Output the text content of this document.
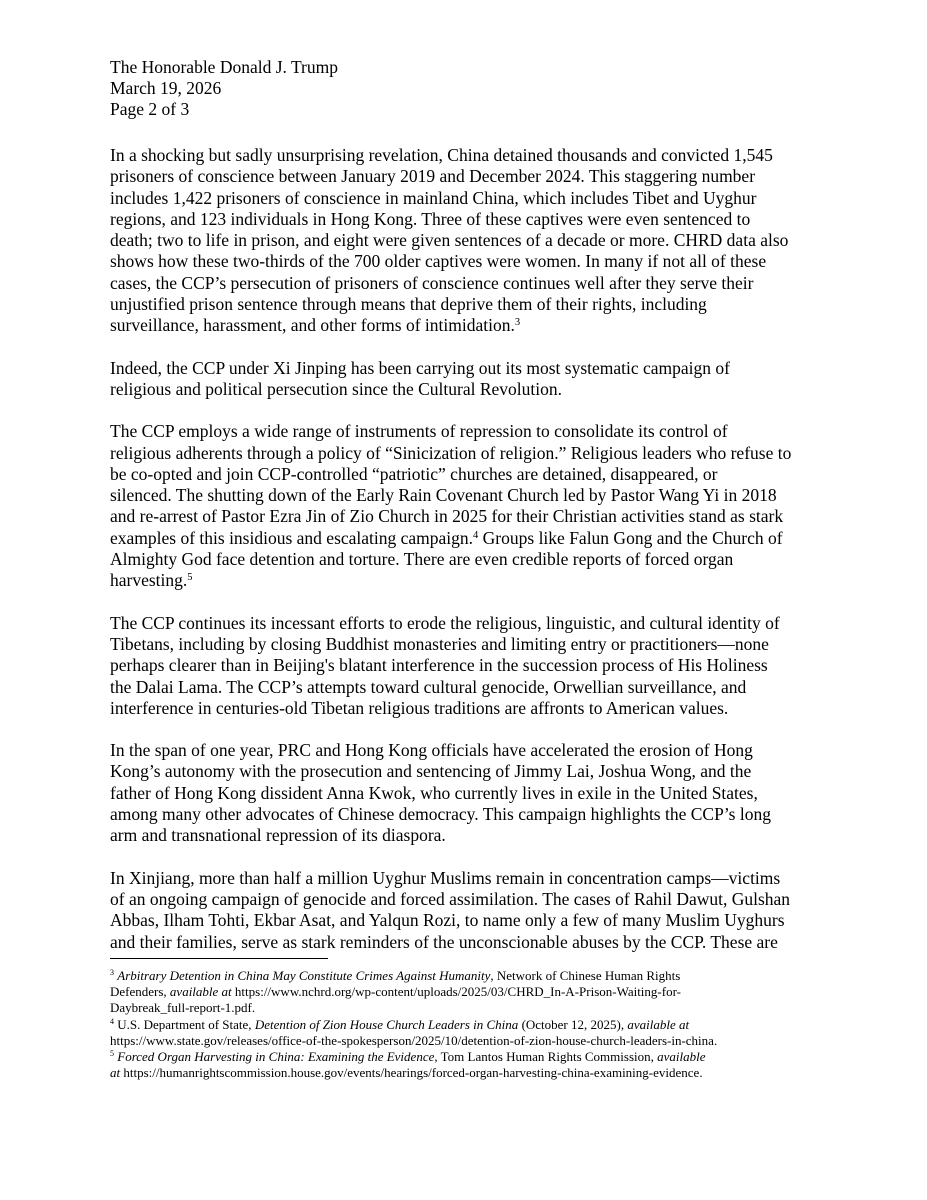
The Honorable Donald J. Trump
March 19, 2026
Page 2 of 3

In a shocking but sadly unsurprising revelation, China detained thousands and convicted 1,545
prisoners of conscience between January 2019 and December 2024. This staggering number
includes 1,422 prisoners of conscience in mainland China, which includes Tibet and Uyghur
regions, and 123 individuals in Hong Kong. Three of these captives were even sentenced to
death; two to life in prison, and eight were given sentences of a decade or more. CHRD data also
shows how these two-thirds of the 700 older captives were women. In many if not all of these
cases, the CCP’s persecution of prisoners of conscience continues well after they serve their
unjustified prison sentence through means that deprive them of their rights, including
surveillance, harassment, and other forms of intimidation.$^3$

Indeed, the CCP under Xi Jinping has been carrying out its most systematic campaign of
religious and political persecution since the Cultural Revolution.

The CCP employs a wide range of instruments of repression to consolidate its control of
religious adherents through a policy of “Sinicization of religion.” Religious leaders who refuse to
be co-opted and join CCP-controlled “patriotic” churches are detained, disappeared, or
silenced. The shutting down of the Early Rain Covenant Church led by Pastor Wang Yi in 2018
and re-arrest of Pastor Ezra Jin of Zio Church in 2025 for their Christian activities stand as stark
examples of this insidious and escalating campaign.$^4$ Groups like Falun Gong and the Church of
Almighty God face detention and torture. There are even credible reports of forced organ
harvesting.$^5$

The CCP continues its incessant efforts to erode the religious, linguistic, and cultural identity of
Tibetans, including by closing Buddhist monasteries and limiting entry or practitioners—none
perhaps clearer than in Beijing's blatant interference in the succession process of His Holiness
the Dalai Lama. The CCP’s attempts toward cultural genocide, Orwellian surveillance, and
interference in centuries-old Tibetan religious traditions are affronts to American values.

In the span of one year, PRC and Hong Kong officials have accelerated the erosion of Hong
Kong’s autonomy with the prosecution and sentencing of Jimmy Lai, Joshua Wong, and the
father of Hong Kong dissident Anna Kwok, who currently lives in exile in the United States,
among many other advocates of Chinese democracy. This campaign highlights the CCP’s long
arm and transnational repression of its diaspora.

In Xinjiang, more than half a million Uyghur Muslims remain in concentration camps—victims
of an ongoing campaign of genocide and forced assimilation. The cases of Rahil Dawut, Gulshan
Abbas, Ilham Tohti, Ekbar Asat, and Yalqun Rozi, to name only a few of many Muslim Uyghurs
and their families, serve as stark reminders of the unconscionable abuses by the CCP. These are

$^3$ Arbitrary Detention in China May Constitute Crimes Against Humanity, Network of Chinese Human Rights
Defenders, available at https://www.nchrd.org/wp-content/uploads/2025/03/CHRD_In-A-Prison-Waiting-for-
Daybreak_full-report-1.pdf.
$^4$ U.S. Department of State, Detention of Zion House Church Leaders in China (October 12, 2025), available at
https://www.state.gov/releases/office-of-the-spokesperson/2025/10/detention-of-zion-house-church-leaders-in-china.
$^5$ Forced Organ Harvesting in China: Examining the Evidence, Tom Lantos Human Rights Commission, available
at https://humanrightscommission.house.gov/events/hearings/forced-organ-harvesting-china-examining-evidence.
